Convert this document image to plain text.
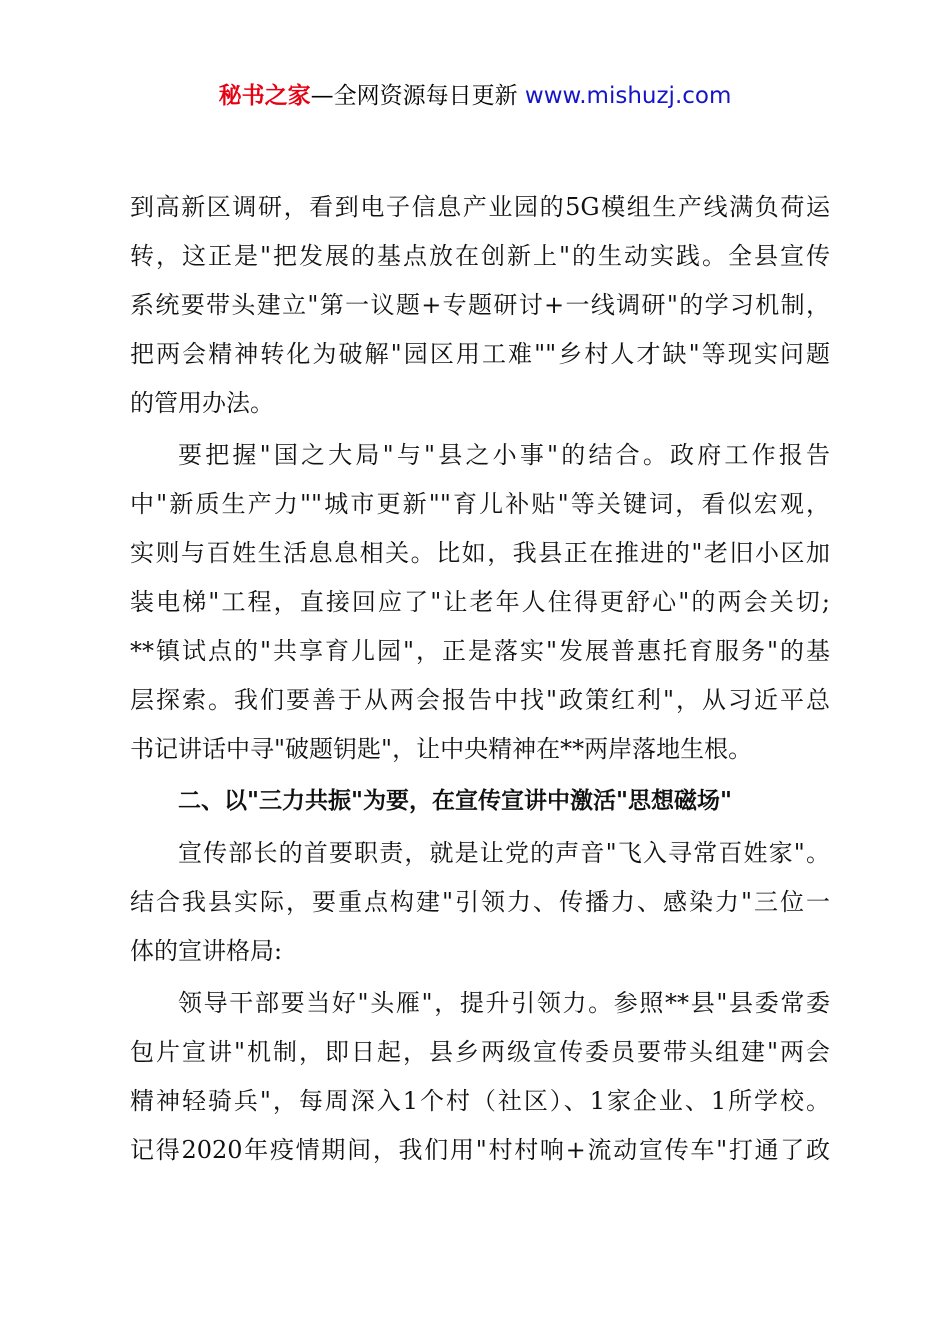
秘书之家—全网资源每日更新 www.mishuzj.com
到高新区调研，看到电子信息产业园的5G模组生产线满负荷运
转，这正是"把发展的基点放在创新上"的生动实践。全县宣传
系统要带头建立"第一议题+专题研讨+一线调研"的学习机制，
把两会精神转化为破解"园区用工难""乡村人才缺"等现实问题
的管用办法。
要把握"国之大局"与"县之小事"的结合。政府工作报告
中"新质生产力""城市更新""育儿补贴"等关键词，看似宏观，
实则与百姓生活息息相关。比如，我县正在推进的"老旧小区加
装电梯"工程，直接回应了"让老年人住得更舒心"的两会关切;
**镇试点的"共享育儿园"，正是落实"发展普惠托育服务"的基
层探索。我们要善于从两会报告中找"政策红利"，从习近平总
书记讲话中寻"破题钥匙"，让中央精神在**两岸落地生根。
二、以"三力共振"为要，在宣传宣讲中激活"思想磁场"
宣传部长的首要职责，就是让党的声音"飞入寻常百姓家"。
结合我县实际，要重点构建"引领力、传播力、感染力"三位一
体的宣讲格局:
领导干部要当好"头雁"，提升引领力。参照**县"县委常委
包片宣讲"机制，即日起，县乡两级宣传委员要带头组建"两会
精神轻骑兵"，每周深入1个村（社区）、1家企业、1所学校。
记得2020年疫情期间，我们用"村村响+流动宣传车"打通了政
